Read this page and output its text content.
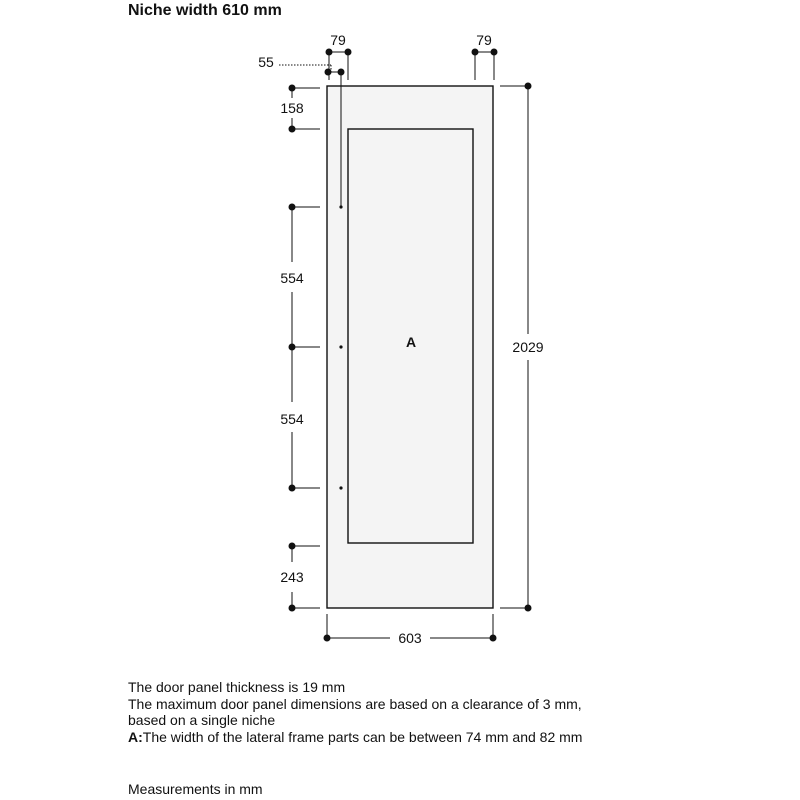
Niche width 610 mm
79	79
55
158
554
554
243
2029
603
A
The door panel thickness is 19 mm
The maximum door panel dimensions are based on a clearance of 3 mm,
based on a single niche
A:The width of the lateral frame parts can be between 74 mm and 82 mm
Measurements in mm
